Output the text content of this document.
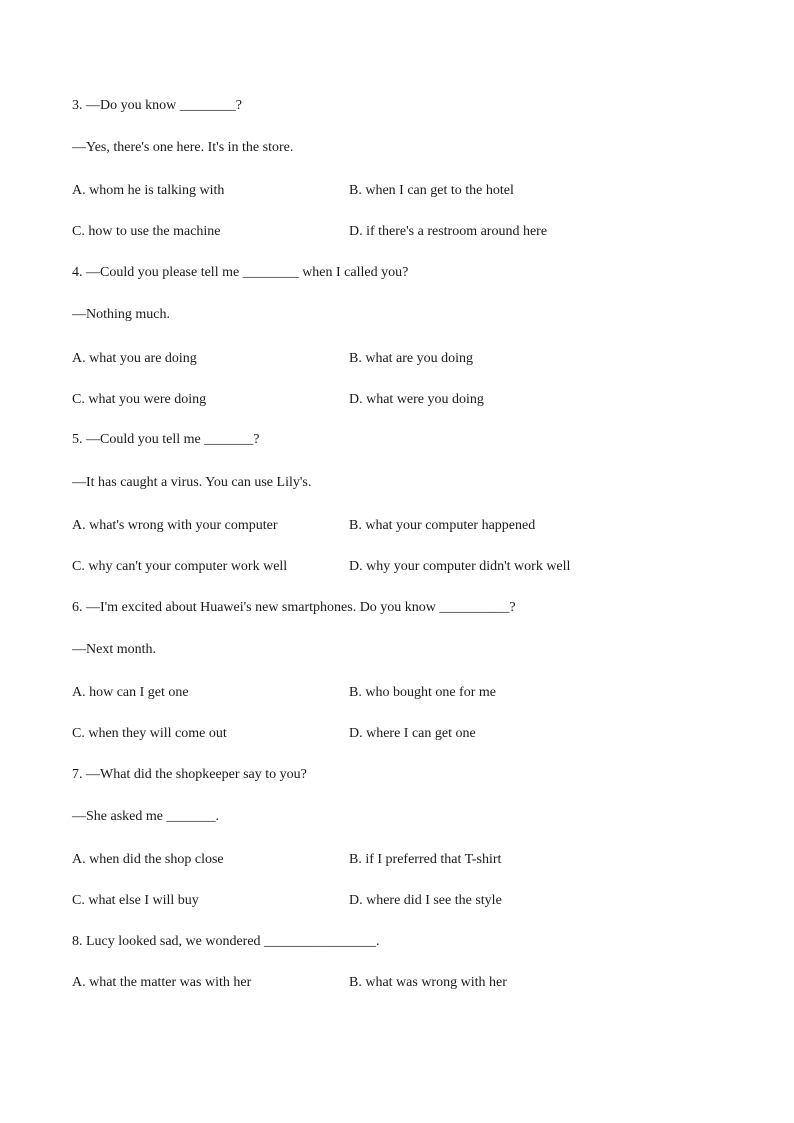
3. —Do you know ________?
—Yes, there's one here. It's in the store.
A. whom he is talking with	B. when I can get to the hotel
C. how to use the machine	D. if there's a restroom around here
4. —Could you please tell me ________ when I called you?
—Nothing much.
A. what you are doing	B. what are you doing
C. what you were doing	D. what were you doing
5. —Could you tell me _______?
—It has caught a virus. You can use Lily's.
A. what's wrong with your computer	B. what your computer happened
C. why can't your computer work well	D. why your computer didn't work well
6. —I'm excited about Huawei's new smartphones. Do you know __________?
—Next month.
A. how can I get one	B. who bought one for me
C. when they will come out	D. where I can get one
7. —What did the shopkeeper say to you?
—She asked me _______.
A. when did the shop close	B. if I preferred that T-shirt
C. what else I will buy	D. where did I see the style
8. Lucy looked sad, we wondered ________________.
A. what the matter was with her	B. what was wrong with her
